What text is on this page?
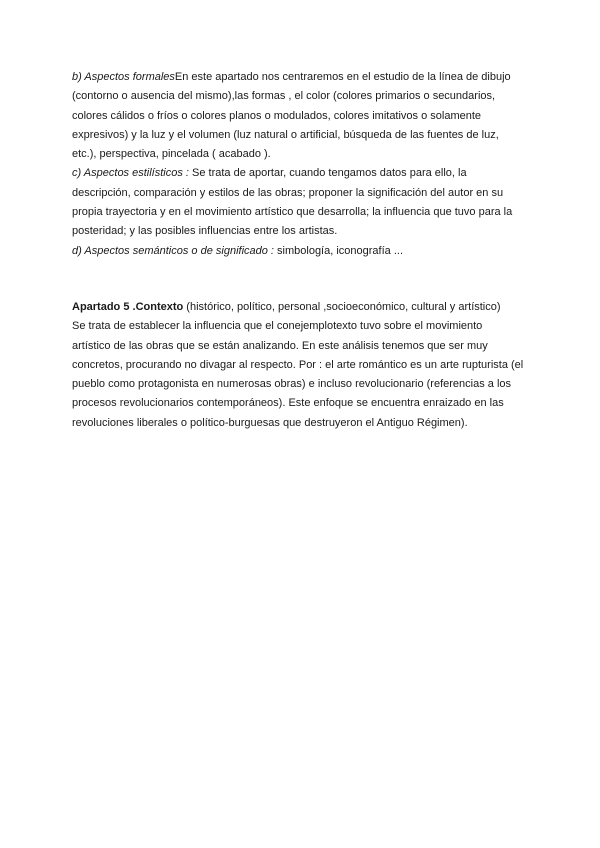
b) Aspectos formalesEn este apartado nos centraremos en el estudio de la línea de dibujo
(contorno o ausencia del mismo),las formas , el color (colores primarios o secundarios,
colores cálidos o fríos o colores planos o modulados, colores imitativos o solamente
expresivos) y la luz y el volumen (luz natural o artificial, búsqueda de las fuentes de luz,
etc.), perspectiva, pincelada ( acabado ).
c) Aspectos estilísticos : Se trata de aportar, cuando tengamos datos para ello, la
descripción, comparación y estilos de las obras; proponer la significación del autor en su
propia trayectoria y en el movimiento artístico que desarrolla; la influencia que tuvo para la
posteridad; y las posibles influencias entre los artistas.
d) Aspectos semánticos o de significado : simbología, iconografía ...
Apartado 5 .Contexto (histórico, político, personal ,socioeconómico, cultural y artístico)
Se trata de establecer la influencia que el conejemplotexto tuvo sobre el movimiento
artístico de las obras que se están analizando. En este análisis tenemos que ser muy
concretos, procurando no divagar al respecto. Por : el arte romántico es un arte rupturista (el
pueblo como protagonista en numerosas obras) e incluso revolucionario (referencias a los
procesos revolucionarios contemporáneos). Este enfoque se encuentra enraizado en las
revoluciones liberales o político-burguesas que destruyeron el Antiguo Régimen).
